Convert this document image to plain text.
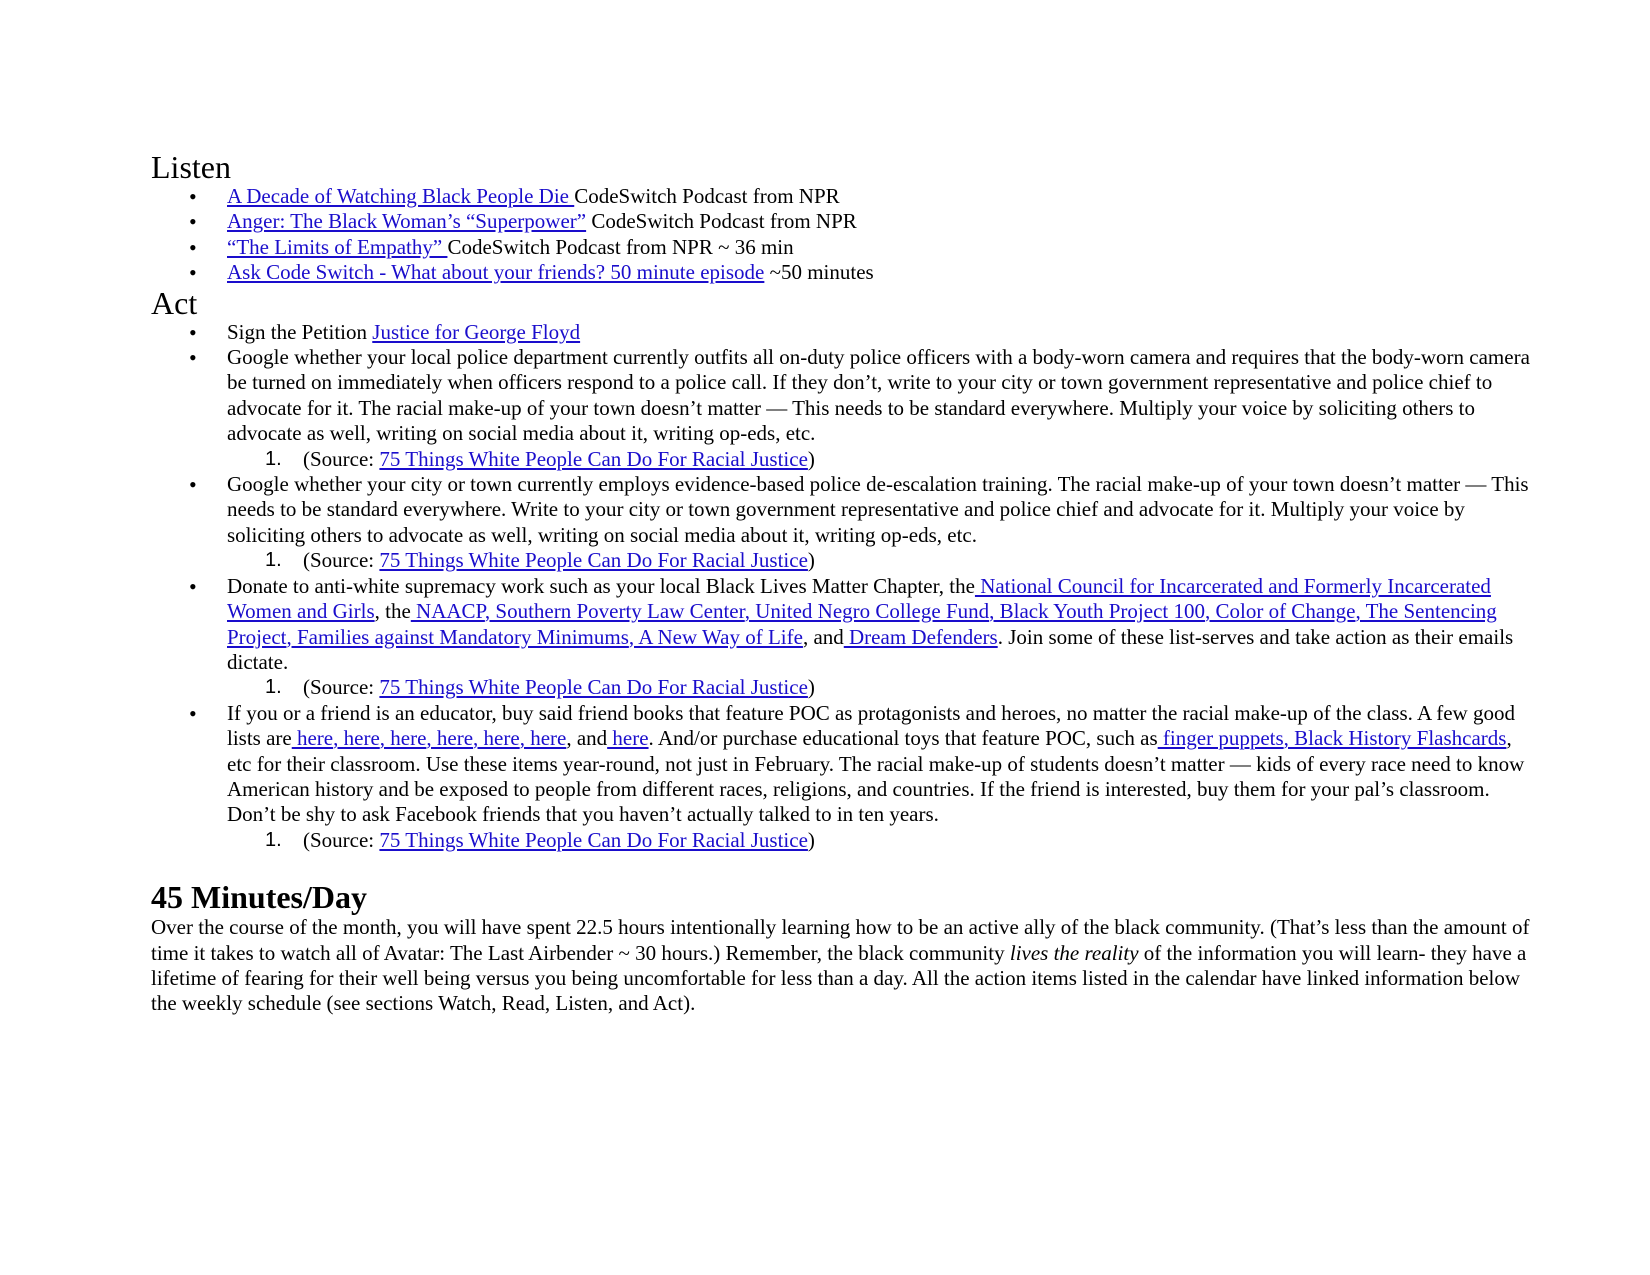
Listen
• A Decade of Watching Black People Die CodeSwitch Podcast from NPR
• Anger: The Black Woman’s “Superpower” CodeSwitch Podcast from NPR
• “The Limits of Empathy” CodeSwitch Podcast from NPR ~ 36 min
• Ask Code Switch - What about your friends? 50 minute episode ~50 minutes
Act
• Sign the Petition Justice for George Floyd
• Google whether your local police department currently outfits all on-duty police officers with a body-worn camera and requires that the body-worn camera be turned on immediately when officers respond to a police call. If they don’t, write to your city or town government representative and police chief to advocate for it. The racial make-up of your town doesn’t matter — This needs to be standard everywhere. Multiply your voice by soliciting others to advocate as well, writing on social media about it, writing op-eds, etc.
1. (Source: 75 Things White People Can Do For Racial Justice)
• Google whether your city or town currently employs evidence-based police de-escalation training. The racial make-up of your town doesn’t matter — This needs to be standard everywhere. Write to your city or town government representative and police chief and advocate for it. Multiply your voice by soliciting others to advocate as well, writing on social media about it, writing op-eds, etc.
1. (Source: 75 Things White People Can Do For Racial Justice)
• Donate to anti-white supremacy work such as your local Black Lives Matter Chapter, the National Council for Incarcerated and Formerly Incarcerated Women and Girls, the NAACP, Southern Poverty Law Center, United Negro College Fund, Black Youth Project 100, Color of Change, The Sentencing Project, Families against Mandatory Minimums, A New Way of Life, and Dream Defenders. Join some of these list-serves and take action as their emails dictate.
1. (Source: 75 Things White People Can Do For Racial Justice)
• If you or a friend is an educator, buy said friend books that feature POC as protagonists and heroes, no matter the racial make-up of the class. A few good lists are here, here, here, here, here, here, and here. And/or purchase educational toys that feature POC, such as finger puppets, Black History Flashcards, etc for their classroom. Use these items year-round, not just in February. The racial make-up of students doesn’t matter — kids of every race need to know American history and be exposed to people from different races, religions, and countries. If the friend is interested, buy them for your pal’s classroom. Don’t be shy to ask Facebook friends that you haven’t actually talked to in ten years.
1. (Source: 75 Things White People Can Do For Racial Justice)
45 Minutes/Day

Over the course of the month, you will have spent 22.5 hours intentionally learning how to be an active ally of the black community. (That’s less than the amount of time it takes to watch all of Avatar: The Last Airbender ~ 30 hours.) Remember, the black community lives the reality of the information you will learn- they have a lifetime of fearing for their well being versus you being uncomfortable for less than a day. All the action items listed in the calendar have linked information below the weekly schedule (see sections Watch, Read, Listen, and Act).
